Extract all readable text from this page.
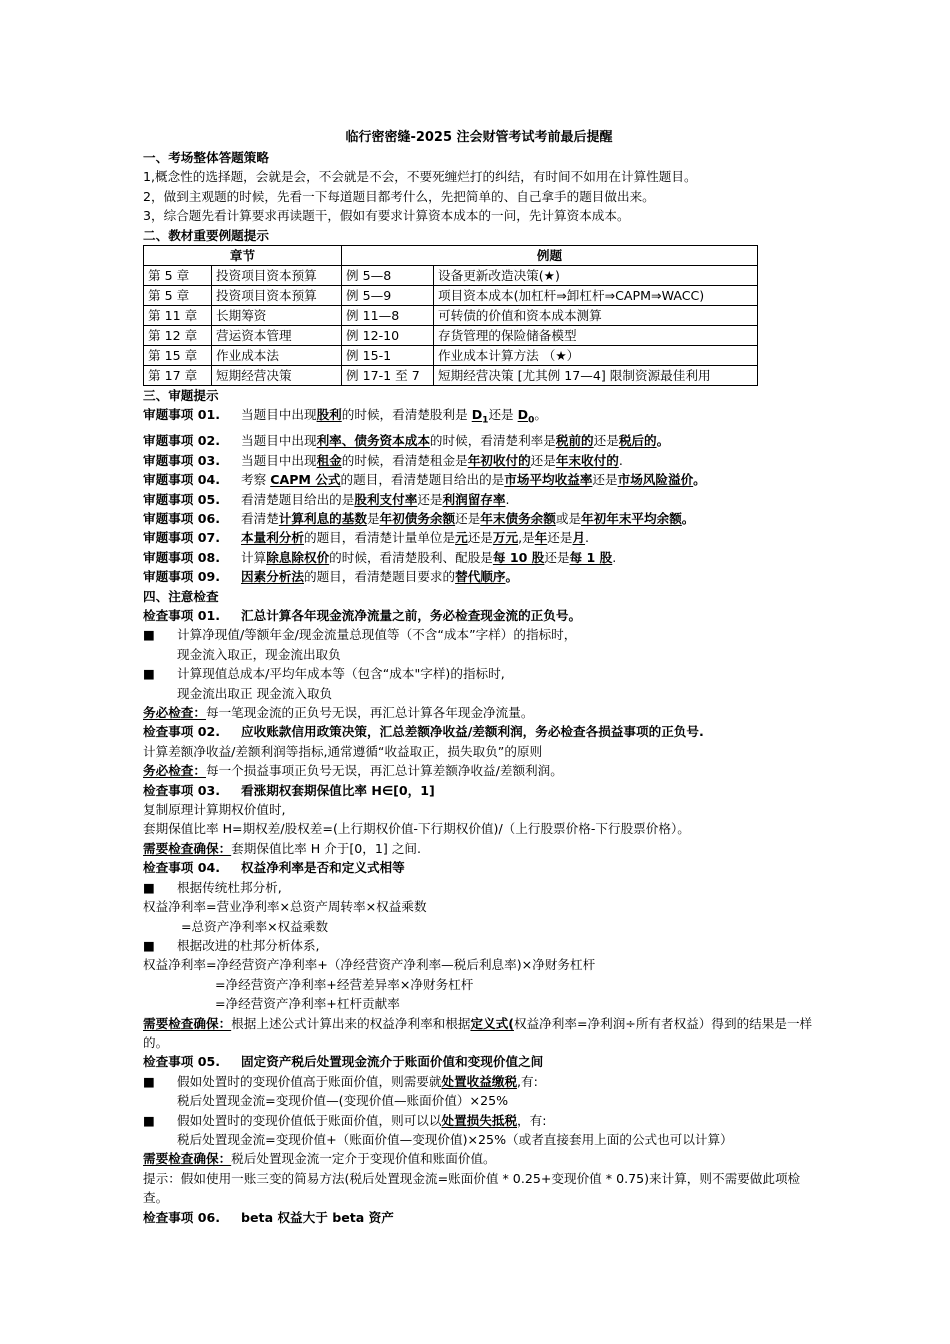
临行密密缝-2025 注会财管考试考前最后提醒
一、考场整体答题策略
1,概念性的选择题，会就是会，不会就是不会，不要死缠烂打的纠结，有时间不如用在计算性题目。
2，做到主观题的时候，先看一下每道题目都考什么，先把简单的、自己拿手的题目做出来。
3，综合题先看计算要求再读题干，假如有要求计算资本成本的一问，先计算资本成本。
二、教材重要例题提示
章节		例题	
第 5 章	投资项目资本预算	例 5—8	设备更新改造决策(★)
第 5 章	投资项目资本预算	例 5—9	项目资本成本(加杠杆⇒卸杠杆⇒CAPM⇒WACC)
第 11 章	长期筹资	例 11—8	可转债的价值和资本成本测算
第 12 章	营运资本管理	例 12-10	存货管理的保险储备模型
第 15 章	作业成本法	例 15-1	作业成本计算方法 （★）
第 17 章	短期经营决策	例 17-1 至 7	短期经营决策 [尤其例 17—4] 限制资源最佳利用
三、审题提示
审题事项 01. 当题目中出现股利的时候，看清楚股利是 $D_1$还是 $D_0$。
审题事项 02. 当题目中出现利率、债务资本成本的时候，看清楚利率是税前的还是税后的。
审题事项 03. 当题目中出现租金的时候，看清楚租金是年初收付的还是年末收付的.
审题事项 04. 考察 CAPM 公式的题目，看清楚题目给出的是市场平均收益率还是市场风险溢价。
审题事项 05. 看清楚题目给出的是股利支付率还是利润留存率.
审题事项 06. 看清楚计算利息的基数是年初债务余额还是年末债务余额或是年初年末平均余额。
审题事项 07. 本量利分析的题目，看清楚计量单位是元还是万元,是年还是月.
审题事项 08. 计算除息除权价的时候，看清楚股利、配股是每 10 股还是每 1 股.
审题事项 09. 因素分析法的题目，看清楚题目要求的替代顺序。
四、注意检查
检查事项 01. 汇总计算各年现金流净流量之前，务必检查现金流的正负号。
■ 计算净现值/等额年金/现金流量总现值等（不含“成本”字样）的指标时，
现金流入取正，现金流出取负
■ 计算现值总成本/平均年成本等（包含“成本"字样)的指标时,
现金流出取正 现金流入取负
务必检查：每一笔现金流的正负号无误，再汇总计算各年现金净流量。
检查事项 02. 应收账款信用政策决策，汇总差额净收益/差额利润，务必检查各损益事项的正负号.
计算差额净收益/差额利润等指标,通常遵循“收益取正，损失取负”的原则
务必检查：每一个损益事项正负号无误，再汇总计算差额净收益/差额利润。
检查事项 03. 看涨期权套期保值比率 H∈[0，1]
复制原理计算期权价值时,
套期保值比率 H=期权差/股权差=(上行期权价值-下行期权价值)/（上行股票价格-下行股票价格）。
需要检查确保：套期保值比率 H 介于[0，1] 之间.
检查事项 04. 权益净利率是否和定义式相等
■ 根据传统杜邦分析,
权益净利率=营业净利率×总资产周转率×权益乘数
=总资产净利率×权益乘数
■ 根据改进的杜邦分析体系,
权益净利率=净经营资产净利率+（净经营资产净利率—税后利息率)×净财务杠杆
=净经营资产净利率+经营差异率×净财务杠杆
=净经营资产净利率+杠杆贡献率
需要检查确保：根据上述公式计算出来的权益净利率和根据定义式(权益净利率=净利润÷所有者权益）得到的结果是一样的。
检查事项 05. 固定资产税后处置现金流介于账面价值和变现价值之间
■ 假如处置时的变现价值高于账面价值，则需要就处置收益缴税,有:
税后处置现金流=变现价值—(变现价值—账面价值）×25%
■ 假如处置时的变现价值低于账面价值，则可以以处置损失抵税，有:
税后处置现金流=变现价值+（账面价值—变现价值)×25%（或者直接套用上面的公式也可以计算）
需要检查确保：税后处置现金流一定介于变现价值和账面价值。
提示：假如使用一账三变的简易方法(税后处置现金流=账面价值 * 0.25+变现价值 * 0.75)来计算，则不需要做此项检查。
检查事项 06. beta 权益大于 beta 资产
